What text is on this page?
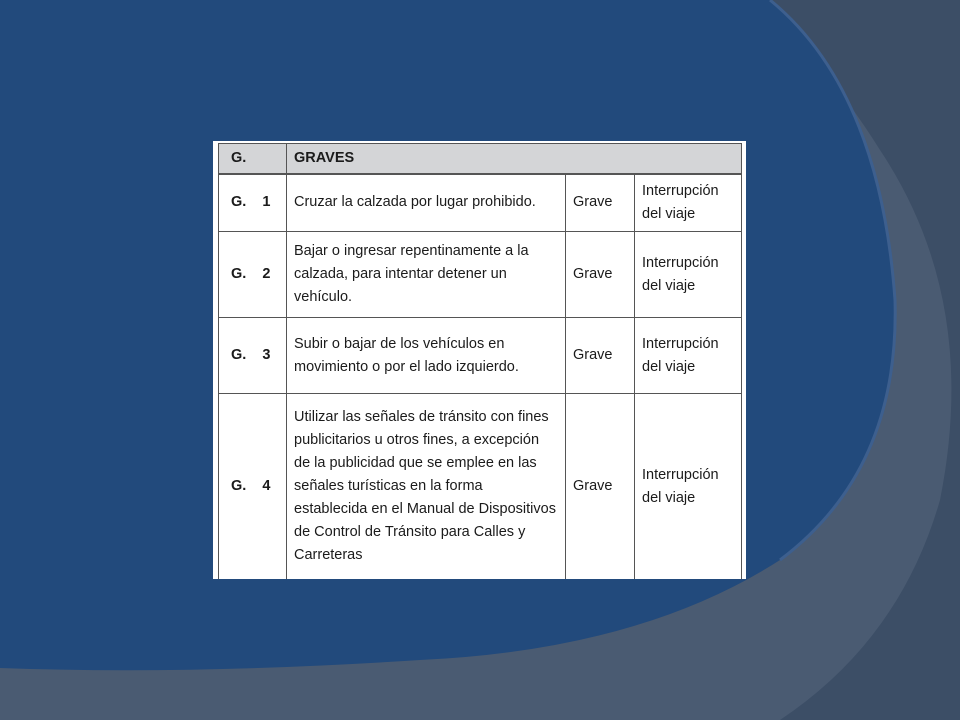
G.	GRAVES		
G.    1	Cruzar la calzada por lugar prohibido.	Grave	Interrupción del viaje
G.    2	Bajar o ingresar repentinamente a la calzada, para intentar detener un vehículo.	Grave	Interrupción del viaje
G.    3	Subir o bajar de los vehículos en movimiento o por el lado izquierdo.	Grave	Interrupción del viaje
G.    4	Utilizar las señales de tránsito con fines publicitarios u otros fines, a excepción de la publicidad que se emplee en las señales turísticas en la forma establecida en el Manual de Dispositivos de Control de Tránsito para Calles y Carreteras	Grave	Interrupción del viaje
